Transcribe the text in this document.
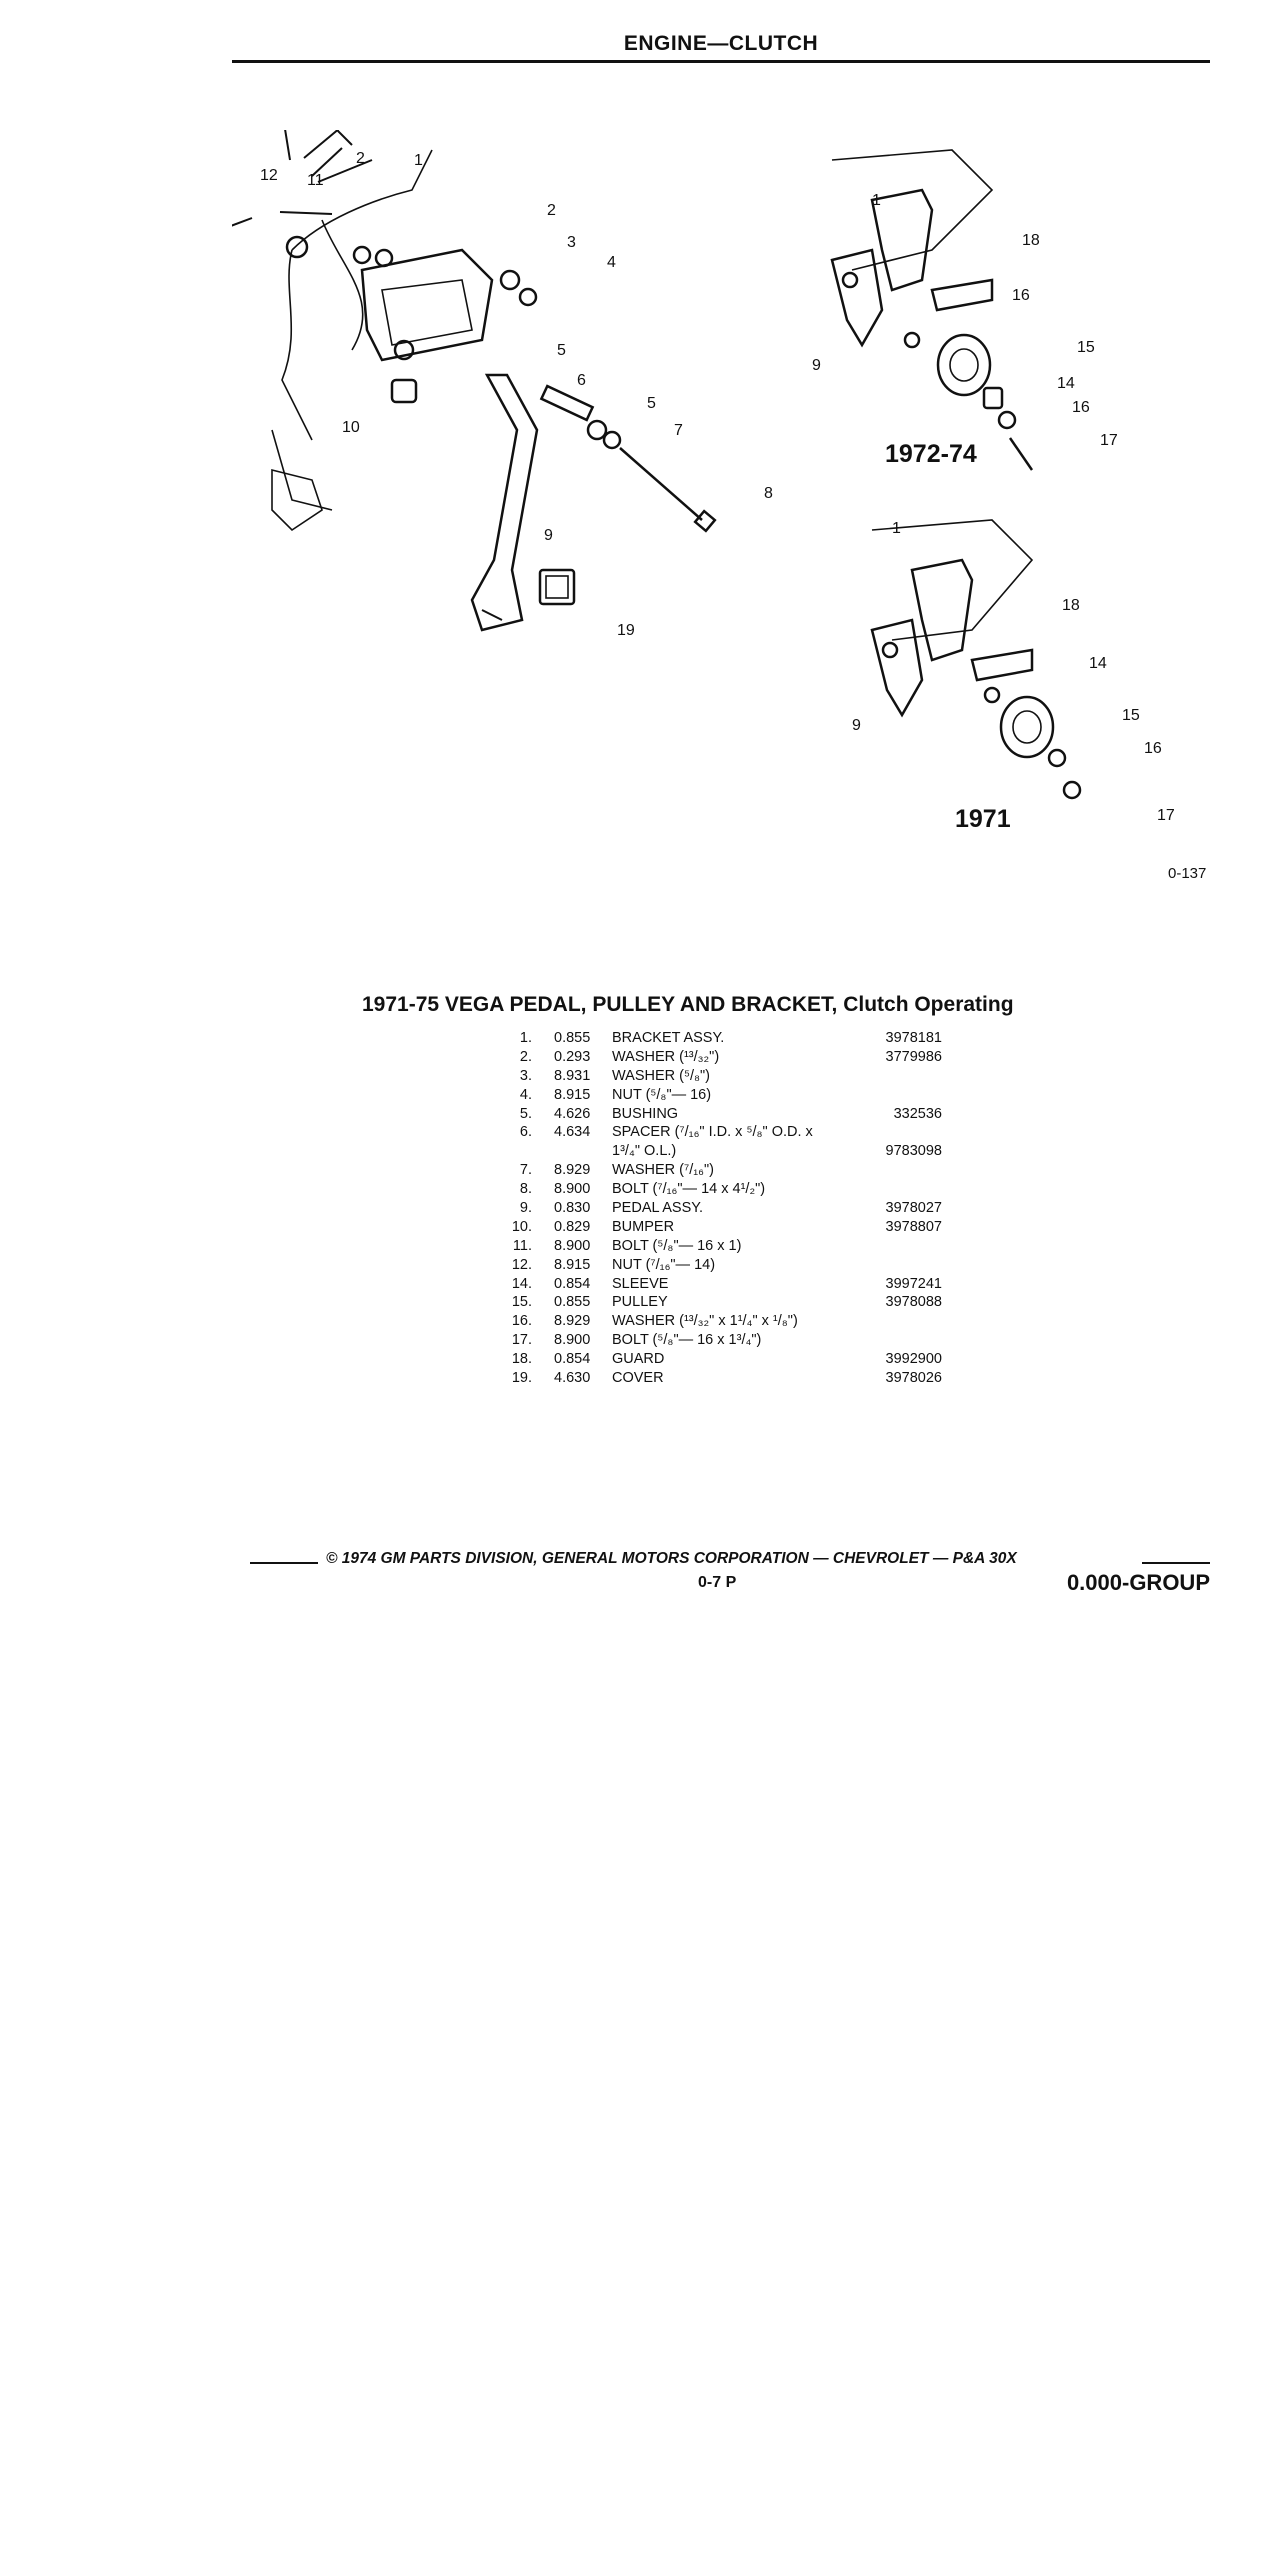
ENGINE—CLUTCH
12 11
2	1
2
3
4
5
6
5
7
8
9
10
19
1
18
16
15
14
16
17
9
1
18
14
15
16
17
9
1972-74
1971
0-137
1971-75 VEGA PEDAL, PULLEY AND BRACKET, Clutch Operating
1.	0.855	BRACKET ASSY.	3978181
2.	0.293	WASHER (¹³/₃₂")	3779986
3.	8.931	WASHER (⁵/₈")	
4.	8.915	NUT (⁵/₈"— 16)	
5.	4.626	BUSHING	332536
6.	4.634	SPACER (⁷/₁₆" I.D. x ⁵/₈" O.D. x	
		1³/₄" O.L.)	9783098
7.	8.929	WASHER (⁷/₁₆")	
8.	8.900	BOLT (⁷/₁₆"— 14 x 4¹/₂")	
9.	0.830	PEDAL ASSY.	3978027
10.	0.829	BUMPER	3978807
11.	8.900	BOLT (⁵/₈"— 16 x 1)	
12.	8.915	NUT (⁷/₁₆"— 14)	
14.	0.854	SLEEVE	3997241
15.	0.855	PULLEY	3978088
16.	8.929	WASHER (¹³/₃₂" x 1¹/₄" x ¹/₈")	
17.	8.900	BOLT (⁵/₈"— 16 x 1³/₄")	
18.	0.854	GUARD	3992900
19.	4.630	COVER	3978026
© 1974 GM PARTS DIVISION, GENERAL MOTORS CORPORATION — CHEVROLET — P&A 30X
0-7 P	0.000-GROUP
